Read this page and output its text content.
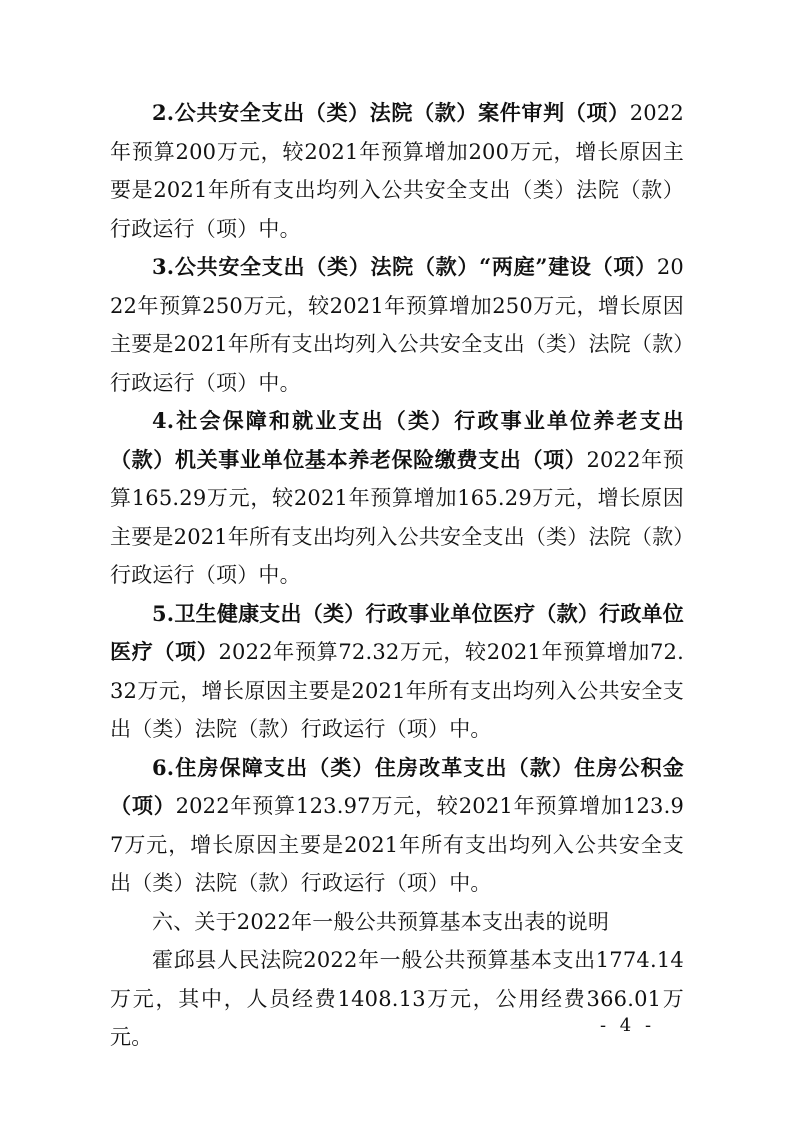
2.公共安全支出（类）法院（款）案件审判（项）2022年预算200万元，较2021年预算增加200万元，增长原因主要是2021年所有支出均列入公共安全支出（类）法院（款）行政运行（项）中。

3.公共安全支出（类）法院（款）“两庭”建设（项）2022年预算250万元，较2021年预算增加250万元，增长原因主要是2021年所有支出均列入公共安全支出（类）法院（款）行政运行（项）中。

4.社会保障和就业支出（类）行政事业单位养老支出（款）机关事业单位基本养老保险缴费支出（项）2022年预算165.29万元，较2021年预算增加165.29万元，增长原因主要是2021年所有支出均列入公共安全支出（类）法院（款）行政运行（项）中。

5.卫生健康支出（类）行政事业单位医疗（款）行政单位医疗（项）2022年预算72.32万元，较2021年预算增加72.32万元，增长原因主要是2021年所有支出均列入公共安全支出（类）法院（款）行政运行（项）中。

6.住房保障支出（类）住房改革支出（款）住房公积金（项）2022年预算123.97万元，较2021年预算增加123.97万元，增长原因主要是2021年所有支出均列入公共安全支出（类）法院（款）行政运行（项）中。

六、关于2022年一般公共预算基本支出表的说明

霍邱县人民法院2022年一般公共预算基本支出1774.14万元，其中，人员经费1408.13万元，公用经费366.01万元。	- 4 -
